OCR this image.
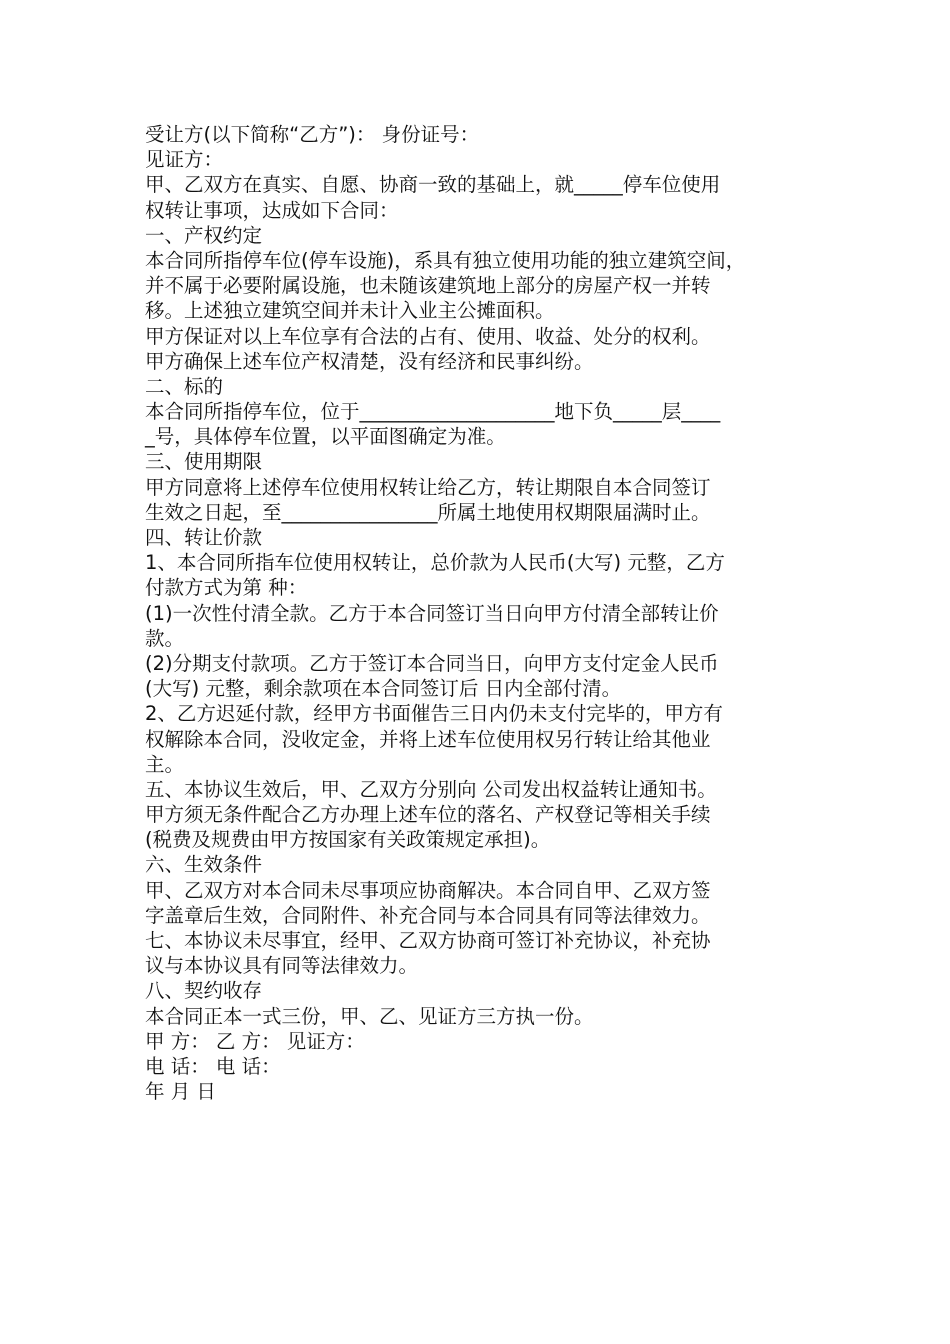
受让方(以下简称“乙方”)： 身份证号：

见证方：

甲、乙双方在真实、自愿、协商一致的基础上，就_____停车位使用

权转让事项，达成如下合同：

一、产权约定

本合同所指停车位(停车设施)，系具有独立使用功能的独立建筑空间，

并不属于必要附属设施，也未随该建筑地上部分的房屋产权一并转

移。上述独立建筑空间并未计入业主公摊面积。

甲方保证对以上车位享有合法的占有、使用、收益、处分的权利。

甲方确保上述车位产权清楚，没有经济和民事纠纷。

二、标的

本合同所指停车位，位于____________________地下负_____层____

_号，具体停车位置，以平面图确定为准。

三、使用期限

甲方同意将上述停车位使用权转让给乙方，转让期限自本合同签订

生效之日起，至________________所属土地使用权期限届满时止。

四、转让价款

1、本合同所指车位使用权转让，总价款为人民币(大写) 元整，乙方

付款方式为第 种：

(1)一次性付清全款。乙方于本合同签订当日向甲方付清全部转让价

款。

(2)分期支付款项。乙方于签订本合同当日，向甲方支付定金人民币

(大写) 元整，剩余款项在本合同签订后 日内全部付清。

2、乙方迟延付款，经甲方书面催告三日内仍未支付完毕的，甲方有

权解除本合同，没收定金，并将上述车位使用权另行转让给其他业

主。

五、本协议生效后，甲、乙双方分别向 公司发出权益转让通知书。

甲方须无条件配合乙方办理上述车位的落名、产权登记等相关手续

(税费及规费由甲方按国家有关政策规定承担)。

六、生效条件

甲、乙双方对本合同未尽事项应协商解决。本合同自甲、乙双方签

字盖章后生效，合同附件、补充合同与本合同具有同等法律效力。

七、本协议未尽事宜，经甲、乙双方协商可签订补充协议，补充协

议与本协议具有同等法律效力。

八、契约收存

本合同正本一式三份，甲、乙、见证方三方执一份。

甲 方： 乙 方： 见证方：

电 话： 电 话：

年 月 日
